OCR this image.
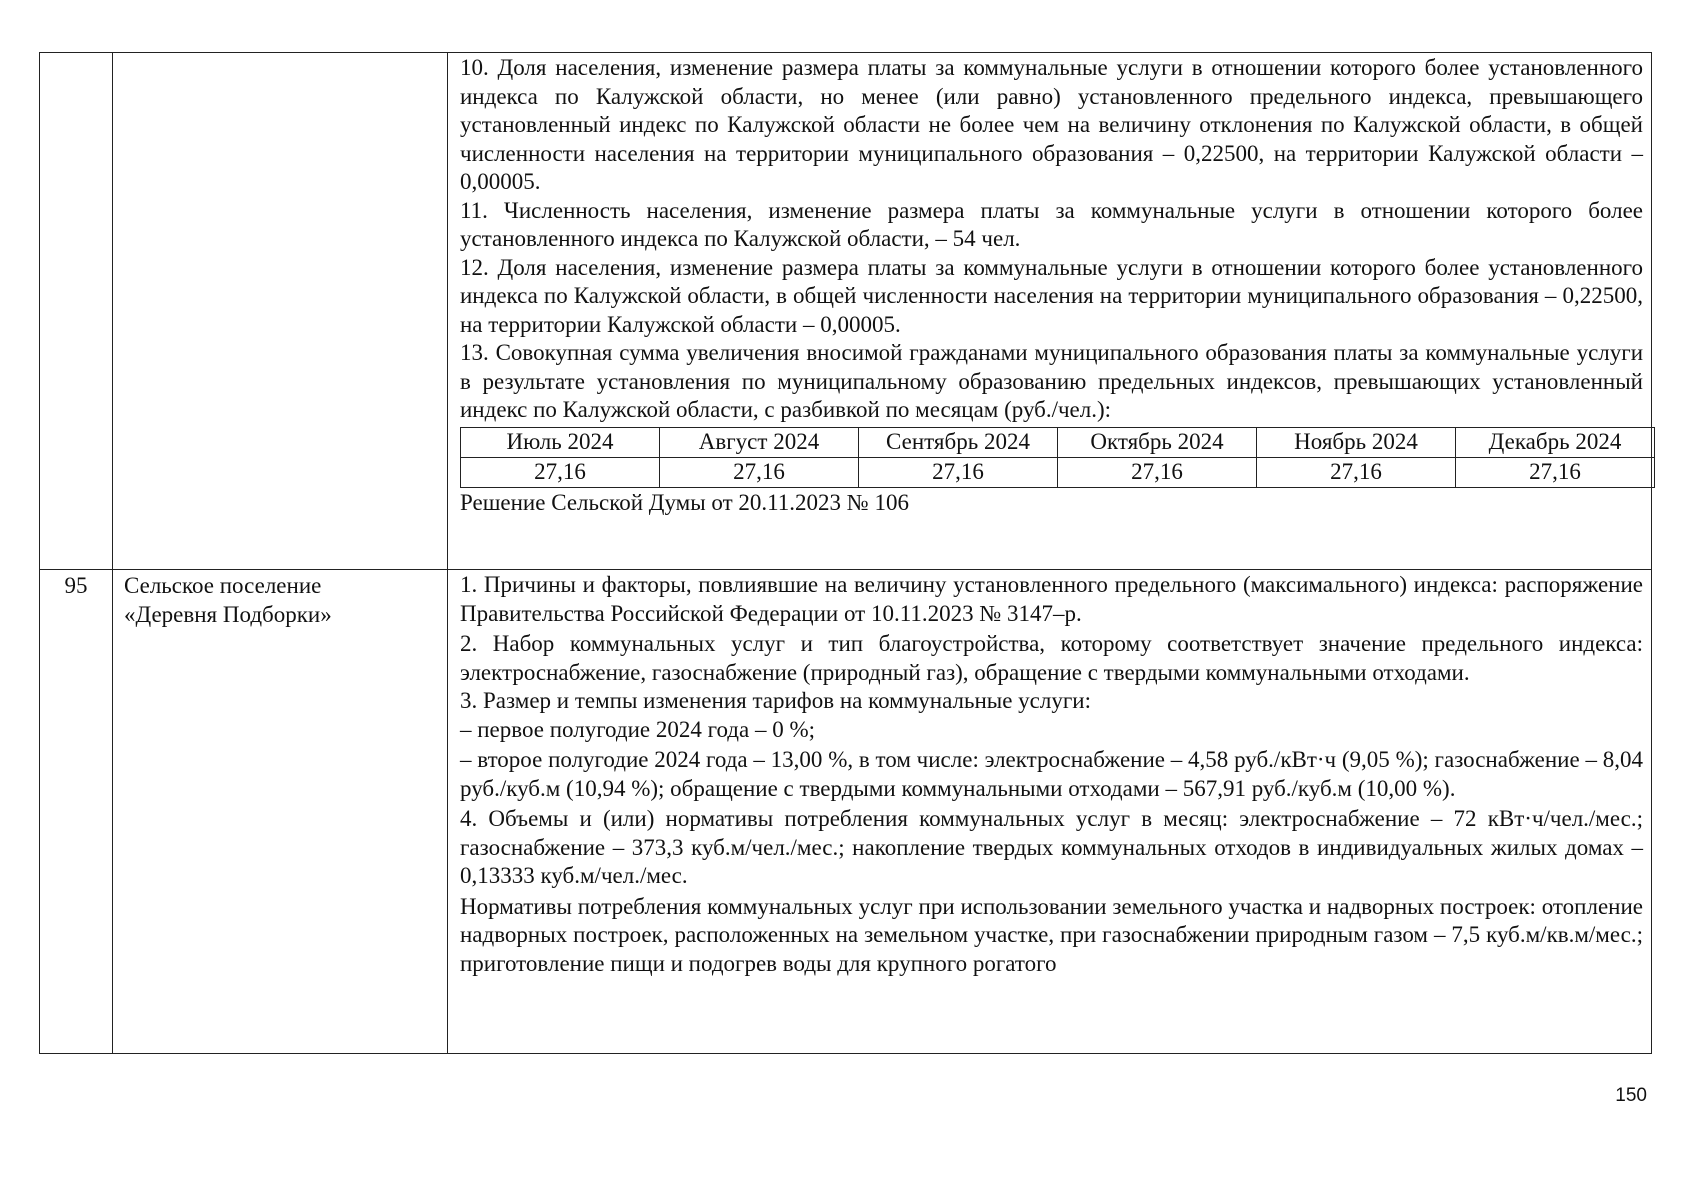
10. Доля населения, изменение размера платы за коммунальные услуги в отношении которого более установленного индекса по Калужской области, но менее (или равно) установленного предельного индекса, превышающего установленный индекс по Калужской области не более чем на величину отклонения по Калужской области, в общей численности населения на территории муниципального образования – 0,22500, на территории Калужской области – 0,00005.

11. Численность населения, изменение размера платы за коммунальные услуги в отношении которого более установленного индекса по Калужской области, – 54 чел.

12. Доля населения, изменение размера платы за коммунальные услуги в отношении которого более установленного индекса по Калужской области, в общей численности населения на территории муниципального образования – 0,22500, на территории Калужской области – 0,00005.

13. Совокупная сумма увеличения вносимой гражданами муниципального образования платы за коммунальные услуги в результате установления по муниципальному образованию предельных индексов, превышающих установленный индекс по Калужской области, с разбивкой по месяцам (руб./чел.):

Июль 2024	Август 2024	Сентябрь 2024	Октябрь 2024	Ноябрь 2024	Декабрь 2024
27,16	27,16	27,16	27,16	27,16	27,16

Решение Сельской Думы от 20.11.2023 № 106

95	Сельское поселение «Деревня Подборки»

1. Причины и факторы, повлиявшие на величину установленного предельного (максимального) индекса: распоряжение Правительства Российской Федерации от 10.11.2023 № 3147–р.

2. Набор коммунальных услуг и тип благоустройства, которому соответствует значение предельного индекса: электроснабжение, газоснабжение (природный газ), обращение с твердыми коммунальными отходами.

3. Размер и темпы изменения тарифов на коммунальные услуги:

– первое полугодие 2024 года – 0 %;

– второе полугодие 2024 года – 13,00 %, в том числе: электроснабжение – 4,58 руб./кВт·ч (9,05 %); газоснабжение – 8,04 руб./куб.м (10,94 %); обращение с твердыми коммунальными отходами – 567,91 руб./куб.м (10,00 %).

4. Объемы и (или) нормативы потребления коммунальных услуг в месяц: электроснабжение – 72 кВт·ч/чел./мес.; газоснабжение – 373,3 куб.м/чел./мес.; накопление твердых коммунальных отходов в индивидуальных жилых домах – 0,13333 куб.м/чел./мес.

Нормативы потребления коммунальных услуг при использовании земельного участка и надворных построек: отопление надворных построек, расположенных на земельном участке, при газоснабжении природным газом – 7,5 куб.м/кв.м/мес.; приготовление пищи и подогрев воды для крупного рогатого

150
